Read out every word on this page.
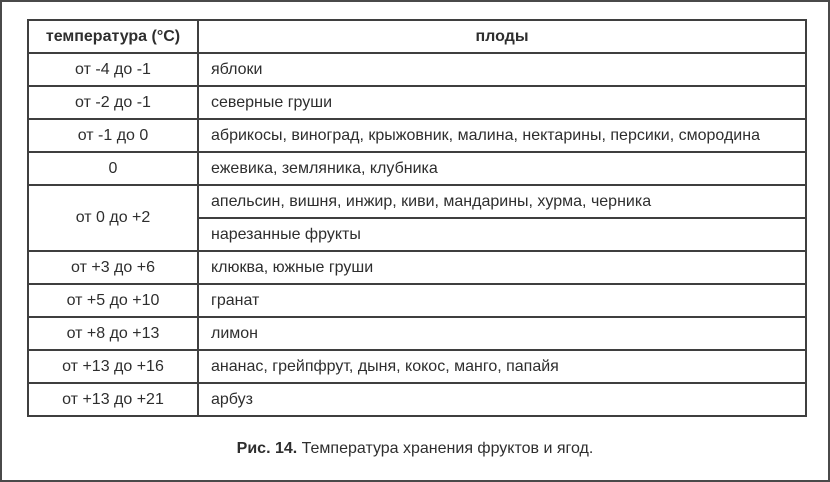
температура (°C)	плоды
от -4 до -1	яблоки
от -2 до -1	северные груши
от -1 до 0	абрикосы, виноград, крыжовник, малина, нектарины, персики, смородина
0	ежевика, земляника, клубника
от 0 до +2	апельсин, вишня, инжир, киви, мандарины, хурма, черника
	нарезанные фрукты
от +3 до +6	клюква, южные груши
от +5 до +10	гранат
от +8 до +13	лимон
от +13 до +16	ананас, грейпфрут, дыня, кокос, манго, папайя
от +13 до +21	арбуз
Рис. 14. Температура хранения фруктов и ягод.
